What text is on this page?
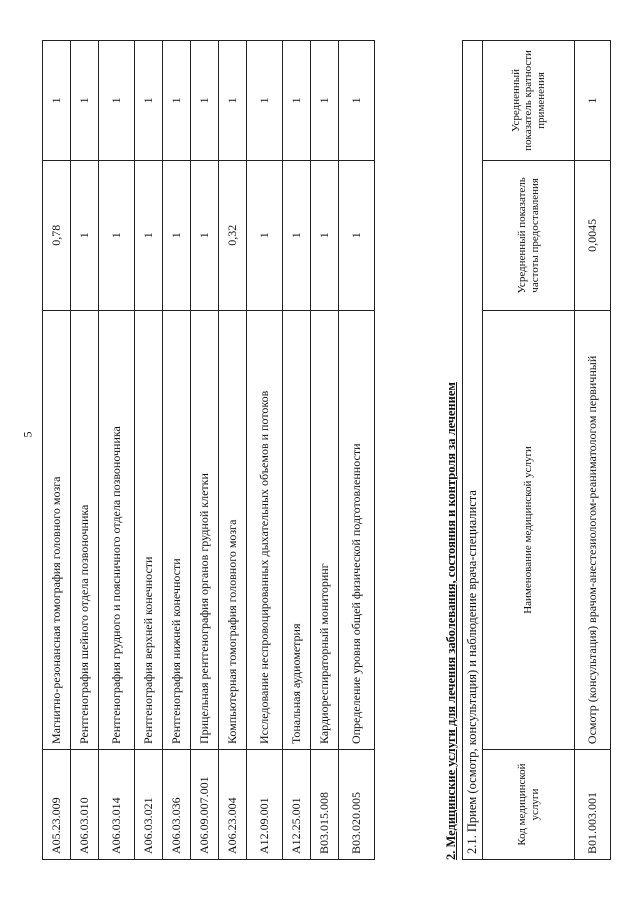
5
A05.23.009	Магнитно-резонансная томография головного мозга	0,78	1
A06.03.010	Рентгенография шейного отдела позвоночника	1	1
A06.03.014	Рентгенография грудного и поясничного отдела позвоночника	1	1
A06.03.021	Рентгенография верхней конечности	1	1
A06.03.036	Рентгенография нижней конечности	1	1
A06.09.007.001	Прицельная рентгенография органов грудной клетки	1	1
A06.23.004	Компьютерная томография головного мозга	0,32	1
A12.09.001	Исследование неспровоцированных дыхательных объемов и потоков	1	1
A12.25.001	Тональная аудиометрия	1	1
B03.015.008	Кардиореспираторный мониторинг	1	1
B03.020.005	Определение уровня общей физической подготовленности	1	1
2. Медицинские услуги для лечения заболевания, состояния и контроля за лечением 2.1. Прием (осмотр, консультация) и наблюдение врача-специалиста			
Код медицинской услуги	Наименование медицинской услуги	Усредненный показатель частоты предоставления	Усредненный показатель кратности применения
B01.003.001	Осмотр (консультация) врачом-анестезиологом-реаниматологом первичный	0,0045	1
